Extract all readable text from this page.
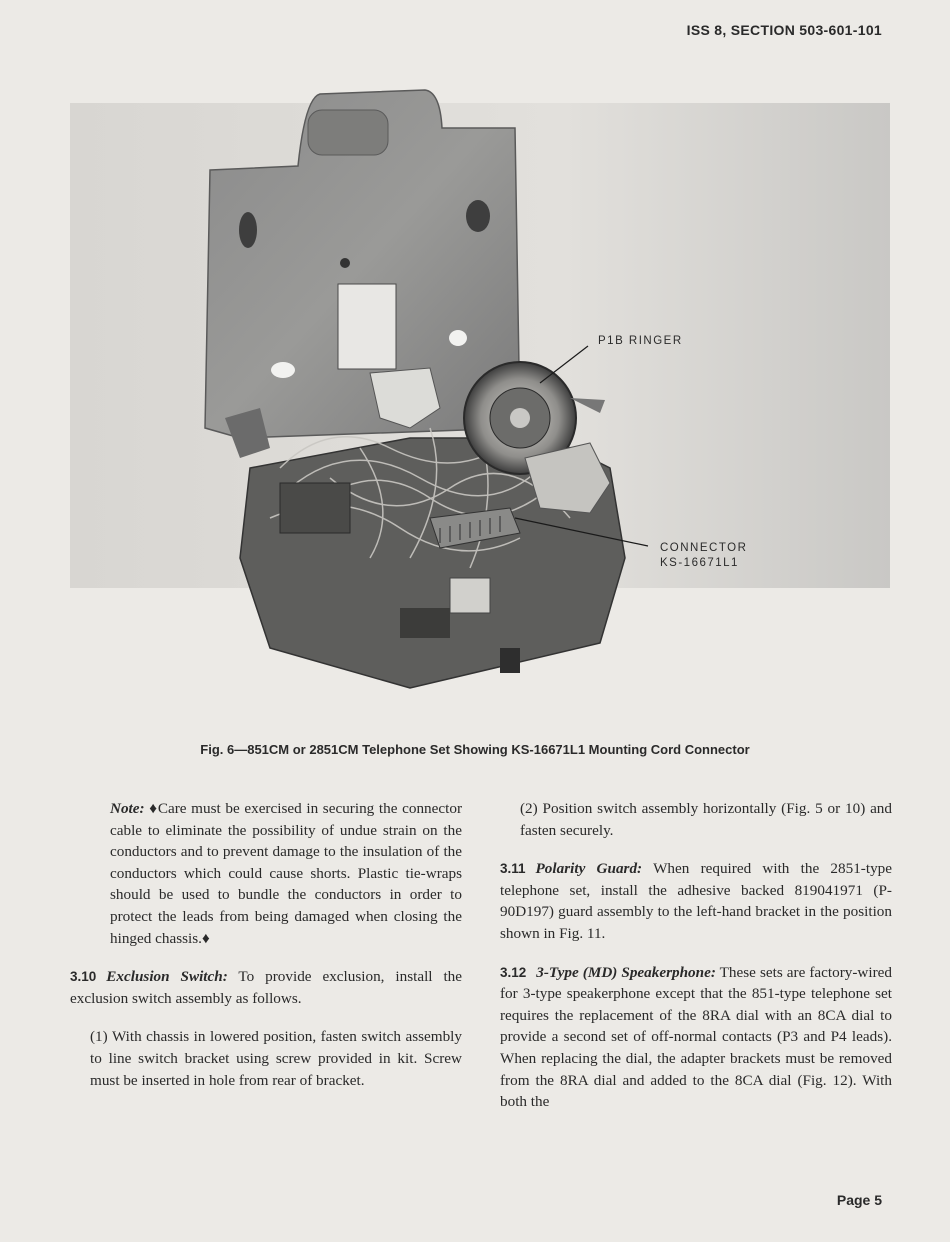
ISS 8, SECTION 503-601-101
P1B RINGER
CONNECTOR
KS-16671L1
Fig. 6—851CM or 2851CM Telephone Set Showing KS-16671L1 Mounting Cord Connector

Note: ♦Care must be exercised in securing the connector cable to eliminate the possibility of undue strain on the conductors and to prevent damage to the insulation of the conductors which could cause shorts. Plastic tie-wraps should be used to bundle the conductors in order to protect the leads from being damaged when closing the hinged chassis.♦

3.10 Exclusion Switch: To provide exclusion, install the exclusion switch assembly as follows.

(1) With chassis in lowered position, fasten switch assembly to line switch bracket using screw provided in kit. Screw must be inserted in hole from rear of bracket.

(2) Position switch assembly horizontally (Fig. 5 or 10) and fasten securely.

3.11 Polarity Guard: When required with the 2851-type telephone set, install the adhesive backed 819041971 (P-90D197) guard assembly to the left-hand bracket in the position shown in Fig. 11.

3.12 3-Type (MD) Speakerphone: These sets are factory-wired for 3-type speakerphone except that the 851-type telephone set requires the replacement of the 8RA dial with an 8CA dial to provide a second set of off-normal contacts (P3 and P4 leads). When replacing the dial, the adapter brackets must be removed from the 8RA dial and added to the 8CA dial (Fig. 12). With both the

Page 5
